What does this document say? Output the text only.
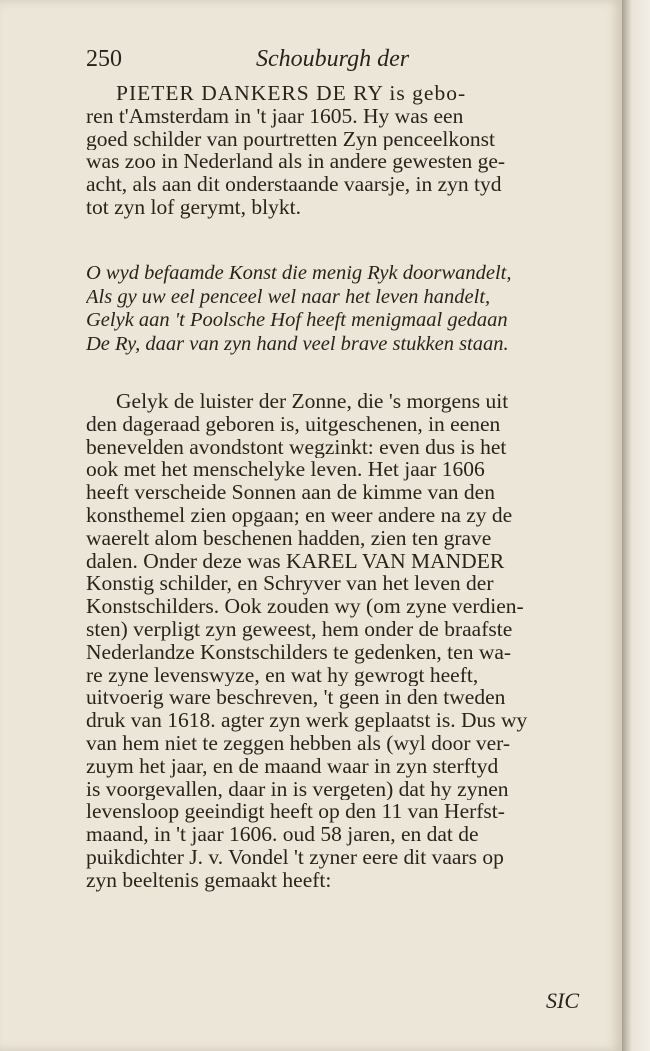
250	Schouburgh der
PIETER DANKERS DE RY is gebo-
ren t'Amsterdam in 't jaar 1605. Hy was een
goed schilder van pourtretten Zyn penceelkonst
was zoo in Nederland als in andere gewesten ge-
acht, als aan dit onderstaande vaarsje, in zyn tyd
tot zyn lof gerymt, blykt.
O wyd befaamde Konst die menig Ryk doorwandelt,
Als gy uw eel penceel wel naar het leven handelt,
Gelyk aan 't Poolsche Hof heeft menigmaal gedaan
De Ry, daar van zyn hand veel brave stukken staan.
Gelyk de luister der Zonne, die 's morgens uit
den dageraad geboren is, uitgeschenen, in eenen
benevelden avondstont wegzinkt: even dus is het
ook met het menschelyke leven. Het jaar 1606
heeft verscheide Sonnen aan de kimme van den
konsthemel zien opgaan; en weer andere na zy de
waerelt alom beschenen hadden, zien ten grave
dalen. Onder deze was KAREL VAN MANDER
Konstig schilder, en Schryver van het leven der
Konstschilders. Ook zouden wy (om zyne verdien-
sten) verpligt zyn geweest, hem onder de braafste
Nederlandze Konstschilders te gedenken, ten wa-
re zyne levenswyze, en wat hy gewrogt heeft,
uitvoerig ware beschreven, 't geen in den tweden
druk van 1618. agter zyn werk geplaatst is. Dus wy
van hem niet te zeggen hebben als (wyl door ver-
zuym het jaar, en de maand waar in zyn sterftyd
is voorgevallen, daar in is vergeten) dat hy zynen
levensloop geeindigt heeft op den 11 van Herfst-
maand, in 't jaar 1606. oud 58 jaren, en dat de
puikdichter J. v. Vondel 't zyner eere dit vaars op
zyn beeltenis gemaakt heeft:
SIC
